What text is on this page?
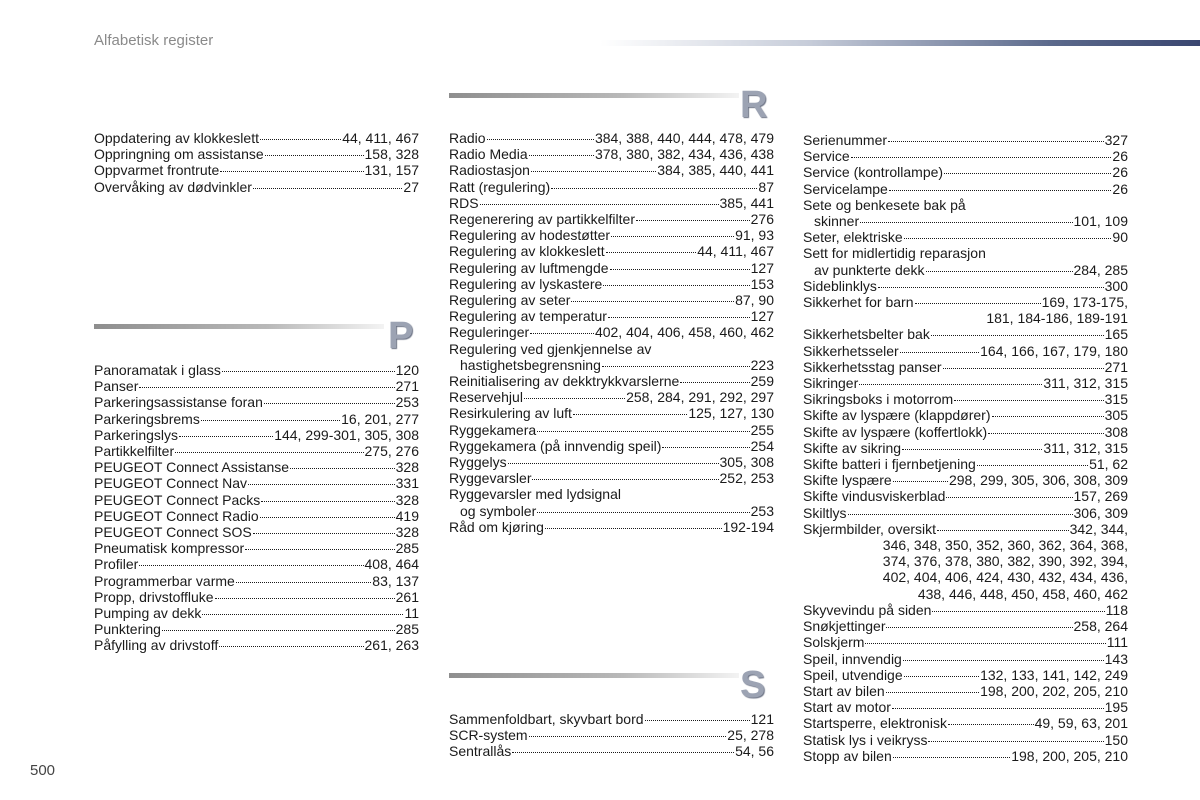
Alfabetisk register
R
P
S
Oppdatering av klokkeslett	44, 411, 467
Oppringning om assistanse	158, 328
Oppvarmet frontrute	131, 157
Overvåking av dødvinkler	27
Panoramatak i glass	120
Panser	271
Parkeringsassistanse foran	253
Parkeringsbrems	16, 201, 277
Parkeringslys	144, 299-301, 305, 308
Partikkelfilter	275, 276
PEUGEOT Connect Assistanse	328
PEUGEOT Connect Nav	331
PEUGEOT Connect Packs	328
PEUGEOT Connect Radio	419
PEUGEOT Connect SOS	328
Pneumatisk kompressor	285
Profiler	408, 464
Programmerbar varme	83, 137
Propp, drivstoffluke	261
Pumping av dekk	11
Punktering	285
Påfylling av drivstoff	261, 263
Radio	384, 388, 440, 444, 478, 479
Radio Media	378, 380, 382, 434, 436, 438
Radiostasjon	384, 385, 440, 441
Ratt (regulering)	87
RDS	385, 441
Regenerering av partikkelfilter	276
Regulering av hodestøtter	91, 93
Regulering av klokkeslett	44, 411, 467
Regulering av luftmengde	127
Regulering av lyskastere	153
Regulering av seter	87, 90
Regulering av temperatur	127
Reguleringer	402, 404, 406, 458, 460, 462
Regulering ved gjenkjennelse av
hastighetsbegrensning	223
Reinitialisering av dekktrykkvarslerne	259
Reservehjul	258, 284, 291, 292, 297
Resirkulering av luft	125, 127, 130
Ryggekamera	255
Ryggekamera (på innvendig speil)	254
Ryggelys	305, 308
Ryggevarsler	252, 253
Ryggevarsler med lydsignal
og symboler	253
Råd om kjøring	192-194
Sammenfoldbart, skyvbart bord	121
SCR-system	25, 278
Sentrallås	54, 56
Serienummer	327
Service	26
Service (kontrollampe)	26
Servicelampe	26
Sete og benkesete bak på
skinner	101, 109
Seter, elektriske	90
Sett for midlertidig reparasjon
av punkterte dekk	284, 285
Sideblinklys	300
Sikkerhet for barn	169, 173-175,
181, 184-186, 189-191
Sikkerhetsbelter bak	165
Sikkerhetsseler	164, 166, 167, 179, 180
Sikkerhetsstag panser	271
Sikringer	311, 312, 315
Sikringsboks i motorrom	315
Skifte av lyspære (klappdører)	305
Skifte av lyspære (koffertlokk)	308
Skifte av sikring	311, 312, 315
Skifte batteri i fjernbetjening	51, 62
Skifte lyspære	298, 299, 305, 306, 308, 309
Skifte vindusviskerblad	157, 269
Skiltlys	306, 309
Skjermbilder, oversikt	342, 344,
346, 348, 350, 352, 360, 362, 364, 368,
374, 376, 378, 380, 382, 390, 392, 394,
402, 404, 406, 424, 430, 432, 434, 436,
438, 446, 448, 450, 458, 460, 462
Skyvevindu på siden	118
Snøkjettinger	258, 264
Solskjerm	111
Speil, innvendig	143
Speil, utvendige	132, 133, 141, 142, 249
Start av bilen	198, 200, 202, 205, 210
Start av motor	195
Startsperre, elektronisk	49, 59, 63, 201
Statisk lys i veikryss	150
Stopp av bilen	198, 200, 205, 210
500
